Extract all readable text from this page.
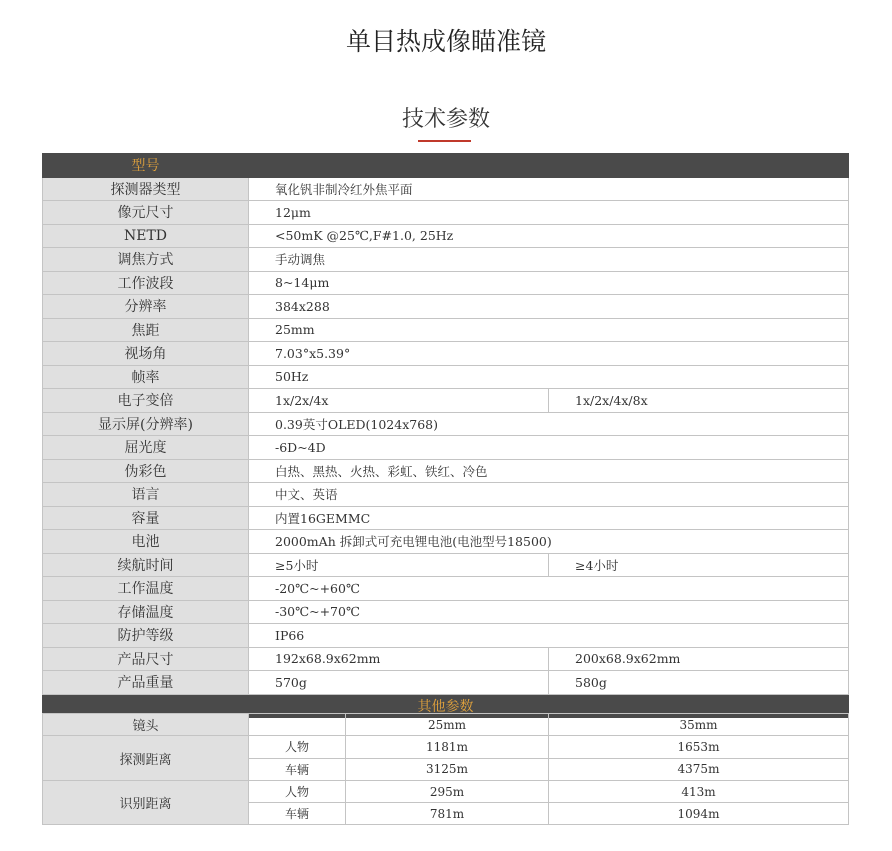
单目热成像瞄准镜
技术参数
型号		
探测器类型	氧化钒非制冷红外焦平面	
像元尺寸	12μm	
NETD	<50mK @25℃,F#1.0, 25Hz	
调焦方式	手动调焦	
工作波段	8~14μm	
分辨率	384x288	
焦距	25mm	
视场角	7.03°x5.39°	
帧率	50Hz	
电子变倍	1x/2x/4x	1x/2x/4x/8x
显示屏(分辨率)	0.39英寸OLED(1024x768)	
屈光度	-6D~4D	
伪彩色	白热、黑热、火热、彩虹、铁红、冷色	
语言	中文、英语	
容量	内置16GEMMC	
电池	2000mAh 拆卸式可充电锂电池(电池型号18500)	
续航时间	≥5小时	≥4小时
工作温度	-20℃~+60℃	
存储温度	-30℃~+70℃	
防护等级	IP66	
产品尺寸	192x68.9x62mm	200x68.9x62mm
产品重量	570g	580g
其他参数		
镜头		25mm	35mm
探测距离	人物	1181m	1653m
	车辆	3125m	4375m
识别距离	人物	295m	413m
	车辆	781m	1094m
